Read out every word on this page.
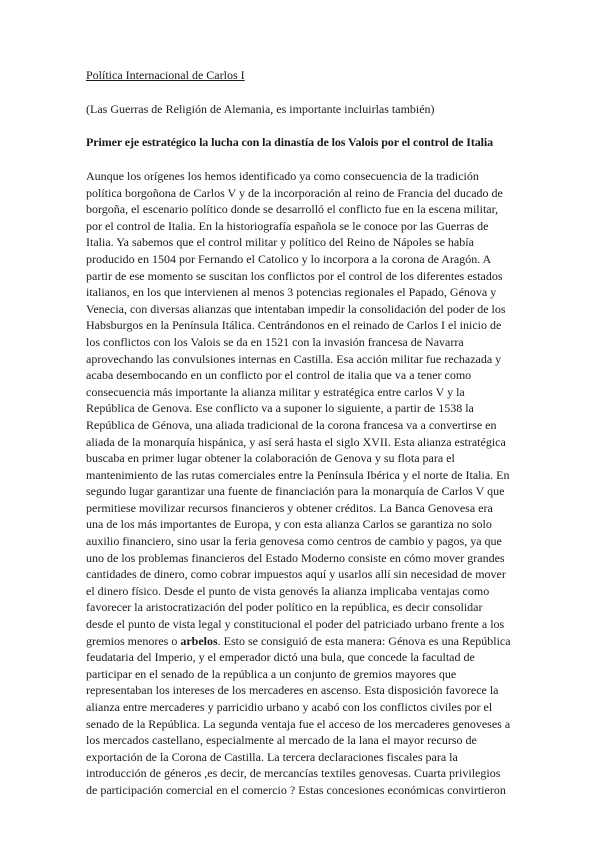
Política Internacional de Carlos I

(Las Guerras de Religión de Alemania, es importante incluirlas también)

Primer eje estratégico la lucha con la dinastía de los Valois por el control de Italia

Aunque los orígenes los hemos identificado ya como consecuencia de la tradición
política borgoñona de Carlos V y de la incorporación al reino de Francia del ducado de
borgoña, el escenario político donde se desarrolló el conflicto fue en la escena militar,
por el control de Italia. En la historiografía española se le conoce por las Guerras de
Italia. Ya sabemos que el control militar y político del Reino de Nápoles se había
producido en 1504 por Fernando el Catolico y lo incorpora a la corona de Aragón. A
partir de ese momento se suscitan los conflictos por el control de los diferentes estados
italianos, en los que intervienen al menos 3 potencias regionales el Papado, Génova y
Venecia, con diversas alianzas que intentaban impedir la consolidación del poder de los
Habsburgos en la Península Itálica. Centrándonos en el reinado de Carlos I el inicio de
los conflictos con los Valois se da en 1521 con la invasión francesa de Navarra
aprovechando las convulsiones internas en Castilla. Esa acción militar fue rechazada y
acaba desembocando en un conflicto por el control de italia que va a tener como
consecuencia más importante la alianza militar y estratégica entre carlos V y la
República de Genova. Ese conflicto va a suponer lo siguiente, a partir de 1538 la
República de Génova, una aliada tradicional de la corona francesa va a convertirse en
aliada de la monarquía hispánica, y así será hasta el siglo XVII. Esta alianza estratégica
buscaba en primer lugar obtener la colaboración de Genova y su flota para el
mantenimiento de las rutas comerciales entre la Península Ibérica y el norte de Italia. En
segundo lugar garantizar una fuente de financiación para la monarquía de Carlos V que
permitiese movilizar recursos financieros y obtener créditos. La Banca Genovesa era
una de los más importantes de Europa, y con esta alianza Carlos se garantiza no solo
auxilio financiero, sino usar la feria genovesa como centros de cambio y pagos, ya que
uno de los problemas financieros del Estado Moderno consiste en cómo mover grandes
cantidades de dinero, como cobrar impuestos aquí y usarlos allí sin necesidad de mover
el dinero físico. Desde el punto de vista genovés la alianza implicaba ventajas como
favorecer la aristocratización del poder político en la república, es decir consolidar
desde el punto de vista legal y constitucional el poder del patriciado urbano frente a los
gremios menores o arbelos. Esto se consiguió de esta manera: Génova es una República
feudataria del Imperio, y el emperador dictó una bula, que concede la facultad de
participar en el senado de la república a un conjunto de gremios mayores que
representaban los intereses de los mercaderes en ascenso. Esta disposición favorece la
alianza entre mercaderes y parricidio urbano y acabó con los conflictos civiles por el
senado de la República. La segunda ventaja fue el acceso de los mercaderes genoveses a
los mercados castellano, especialmente al mercado de la lana el mayor recurso de
exportación de la Corona de Castilla. La tercera declaraciones fiscales para la
introducción de géneros ,es decir, de mercancías textiles genovesas. Cuarta privilegios
de participación comercial en el comercio ? Estas concesiones económicas convirtieron
